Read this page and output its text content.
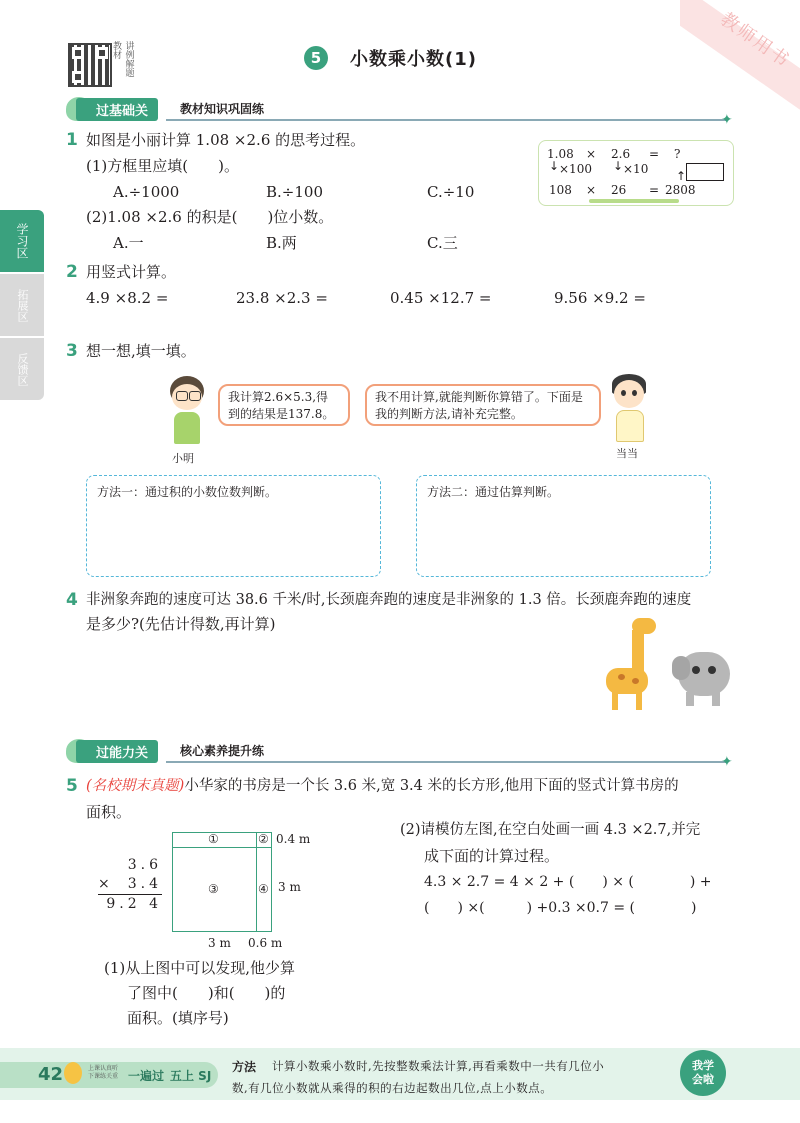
教师用书
教 讲
材 例
解
题
5	小数乘小数(1)
学习区
拓展区
反馈区
过基础关	教材知识巩固练
✦
1 如图是小丽计算 1.08 ×2.6 的思考过程。
(1)方框里应填(　　)。
A.÷1000	B.÷100	C.÷10
(2)1.08 ×2.6 的积是(　　)位小数。
A.一	B.两	C.三
1.08 × 2.6 = ?
↓ ×100 ↓ ×10 ↑
108 × 26 = 2808
2 用竖式计算。
4.9 ×8.2 =	23.8 ×2.3 =	0.45 ×12.7 =	9.56 ×9.2 =
3 想一想,填一填。
小明
我计算2.6×5.3,得到的结果是137.8。
我不用计算,就能判断你算错了。下面是我的判断方法,请补充完整。
当当
方法一：通过积的小数位数判断。	方法二：通过估算判断。
4 非洲象奔跑的速度可达 38.6 千米/时,长颈鹿奔跑的速度是非洲象的 1.3 倍。长颈鹿奔跑的速度
是多少?(先估计得数,再计算)
过能力关	核心素养提升练
✦
5 (名校期末真题)小华家的书房是一个长 3.6 米,宽 3.4 米的长方形,他用下面的竖式计算书房的
面积。
3.6
× 3.4
9.2 4
①	②
③	④
0.4 m
3 m
3 m 0.6 m
(1)从上图中可以发现,他少算
了图中(　　)和(　　)的
面积。(填序号)
(2)请模仿左图,在空白处画一画 4.3 ×2.7,并完
成下面的计算过程。
4.3 × 2.7 = 4 × 2 + (　　) × (　　　　) +
(　　) ×(　　　) +0.3 ×0.7 = (　　　　)
42	上课认真听
下课练关重 一遍过 五上 SJ
方法 计算小数乘小数时,先按整数乘法计算,再看乘数中一共有几位小
数,有几位小数就从乘得的积的右边起数出几位,点上小数点。
我学
会啦
